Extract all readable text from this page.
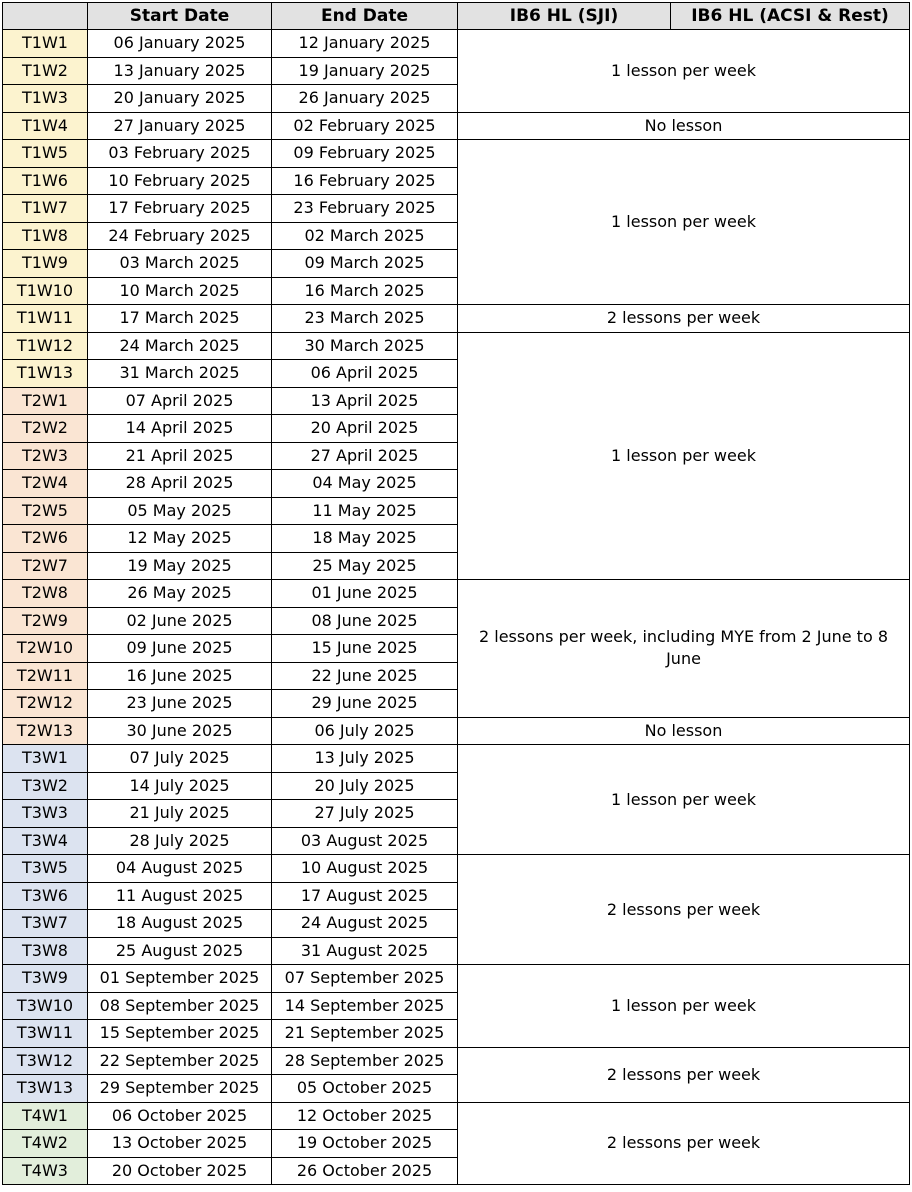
	Start Date	End Date	IB6 HL (SJI)	IB6 HL (ACSI & Rest)
T1W1	06 January 2025	12 January 2025	1 lesson per week	
T1W2	13 January 2025	19 January 2025		
T1W3	20 January 2025	26 January 2025		
T1W4	27 January 2025	02 February 2025	No lesson	
T1W5	03 February 2025	09 February 2025	1 lesson per week	
T1W6	10 February 2025	16 February 2025		
T1W7	17 February 2025	23 February 2025		
T1W8	24 February 2025	02 March 2025		
T1W9	03 March 2025	09 March 2025		
T1W10	10 March 2025	16 March 2025		
T1W11	17 March 2025	23 March 2025	2 lessons per week	
T1W12	24 March 2025	30 March 2025	1 lesson per week	
T1W13	31 March 2025	06 April 2025		
T2W1	07 April 2025	13 April 2025		
T2W2	14 April 2025	20 April 2025		
T2W3	21 April 2025	27 April 2025		
T2W4	28 April 2025	04 May 2025		
T2W5	05 May 2025	11 May 2025		
T2W6	12 May 2025	18 May 2025		
T2W7	19 May 2025	25 May 2025		
T2W8	26 May 2025	01 June 2025	2 lessons per week, including MYE from 2 June to 8 June	
T2W9	02 June 2025	08 June 2025		
T2W10	09 June 2025	15 June 2025		
T2W11	16 June 2025	22 June 2025		
T2W12	23 June 2025	29 June 2025		
T2W13	30 June 2025	06 July 2025	No lesson	
T3W1	07 July 2025	13 July 2025	1 lesson per week	
T3W2	14 July 2025	20 July 2025		
T3W3	21 July 2025	27 July 2025		
T3W4	28 July 2025	03 August 2025		
T3W5	04 August 2025	10 August 2025	2 lessons per week	
T3W6	11 August 2025	17 August 2025		
T3W7	18 August 2025	24 August 2025		
T3W8	25 August 2025	31 August 2025		
T3W9	01 September 2025	07 September 2025	1 lesson per week	
T3W10	08 September 2025	14 September 2025		
T3W11	15 September 2025	21 September 2025		
T3W12	22 September 2025	28 September 2025	2 lessons per week	
T3W13	29 September 2025	05 October 2025		
T4W1	06 October 2025	12 October 2025	2 lessons per week	
T4W2	13 October 2025	19 October 2025		
T4W3	20 October 2025	26 October 2025		
